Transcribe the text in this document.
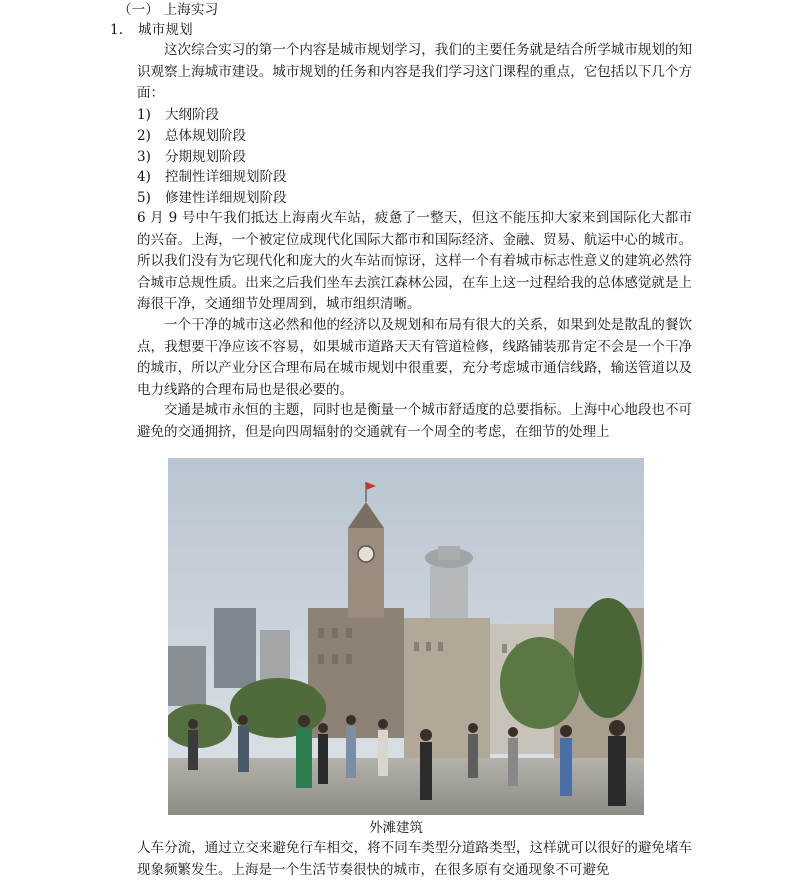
（一） 上海实习
1. 城市规划

这次综合实习的第一个内容是城市规划学习，我们的主要任务就是结合所学城市规划的知识观察上海城市建设。城市规划的任务和内容是我们学习这门课程的重点，它包括以下几个方面：

1) 大纲阶段
2) 总体规划阶段
3) 分期规划阶段
4) 控制性详细规划阶段
5) 修建性详细规划阶段

6 月 9 号中午我们抵达上海南火车站，疲惫了一整天，但这不能压抑大家来到国际化大都市的兴奋。上海，一个被定位成现代化国际大都市和国际经济、金融、贸易、航运中心的城市。所以我们没有为它现代化和庞大的火车站而惊讶，这样一个有着城市标志性意义的建筑必然符合城市总规性质。出来之后我们坐车去滨江森林公园，在车上这一过程给我的总体感觉就是上海很干净，交通细节处理周到，城市组织清晰。

一个干净的城市这必然和他的经济以及规划和布局有很大的关系，如果到处是散乱的餐饮点，我想要干净应该不容易，如果城市道路天天有管道检修，线路铺装那肯定不会是一个干净的城市，所以产业分区合理布局在城市规划中很重要，充分考虑城市通信线路，输送管道以及电力线路的合理布局也是很必要的。

交通是城市永恒的主题，同时也是衡量一个城市舒适度的总要指标。上海中心地段也不可避免的交通拥挤，但是向四周辐射的交通就有一个周全的考虑，在细节的处理上

外滩建筑

人车分流，通过立交来避免行车相交，将不同车类型分道路类型，这样就可以很好的避免堵车现象频繁发生。上海是一个生活节奏很快的城市，在很多原有交通现象不可避免
